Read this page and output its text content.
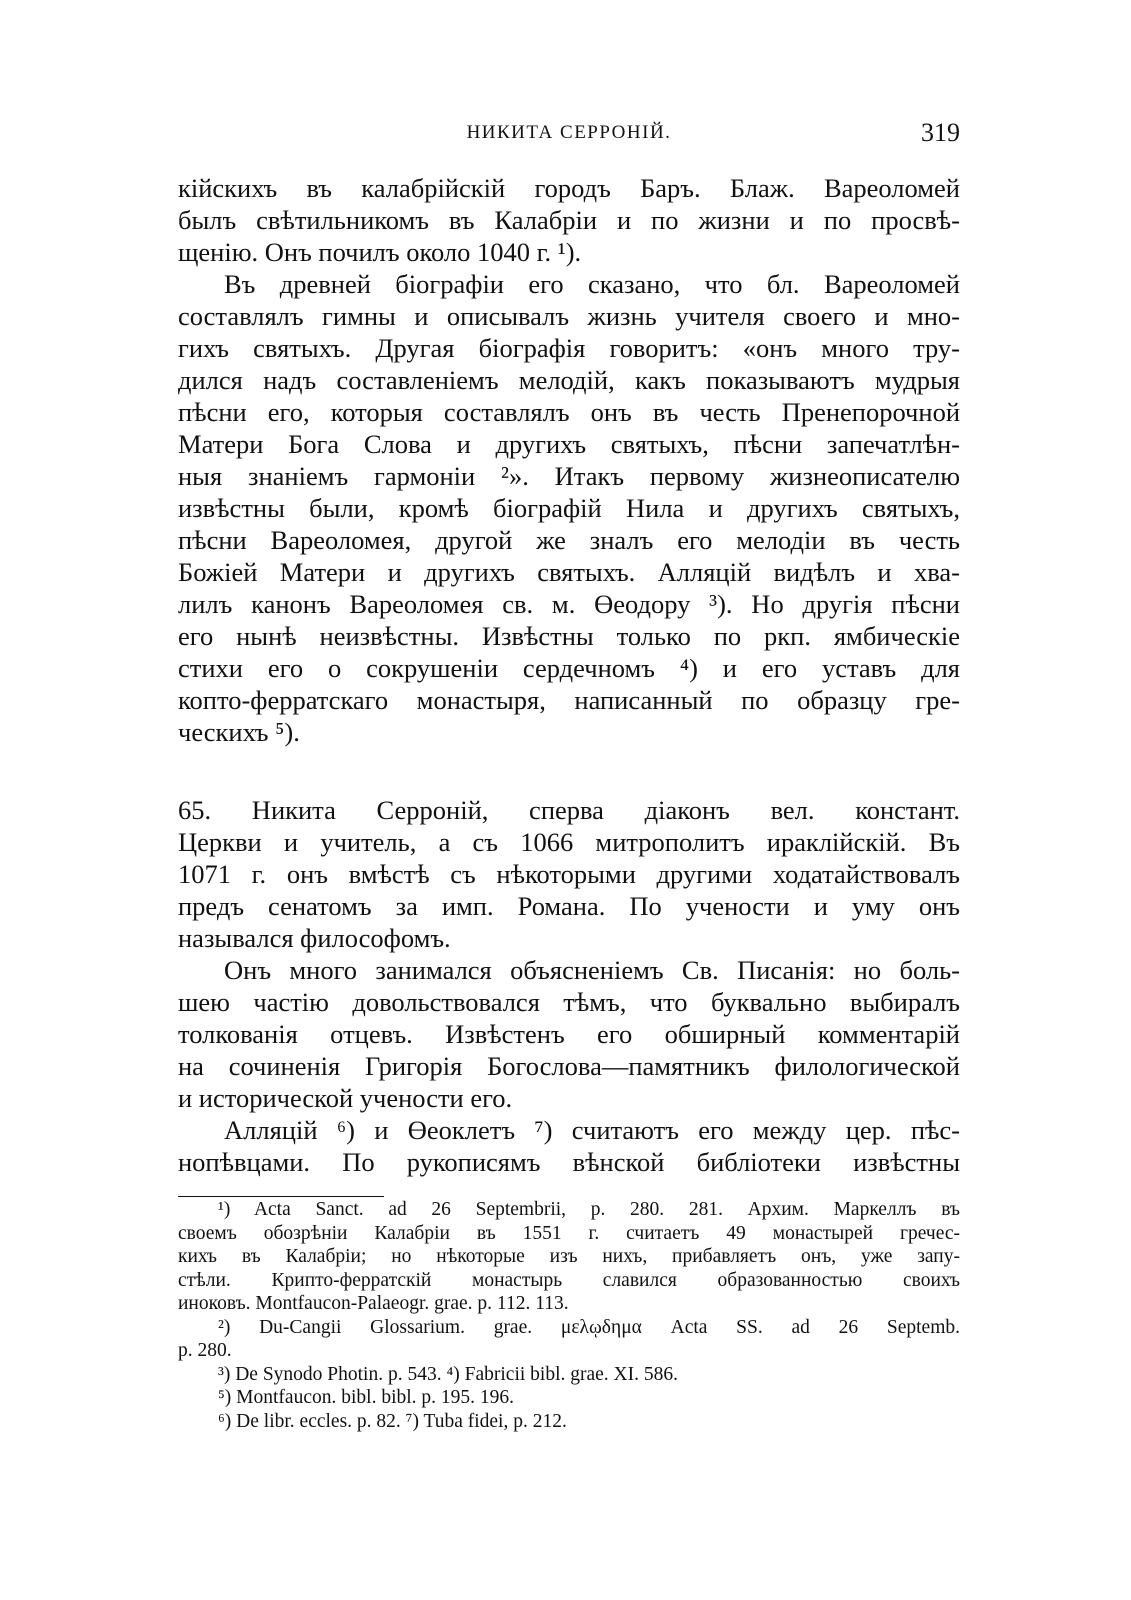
НИКИТА СЕРРОНІЙ.	319
кійскихъ въ калабрійскій городъ Баръ. Блаж. Вареоломей
былъ свѣтильникомъ въ Калабріи и по жизни и по просвѣ-
щенію. Онъ почилъ около 1040 г. ¹).
Въ древней біографіи его сказано, что бл. Вареоломей
составлялъ гимны и описывалъ жизнь учителя своего и мно-
гихъ святыхъ. Другая біографія говоритъ: «онъ много тру-
дился надъ составленіемъ мелодій, какъ показываютъ мудрыя
пѣсни его, которыя составлялъ онъ въ честь Пренепорочной
Матери Бога Слова и другихъ святыхъ, пѣсни запечатлѣн-
ныя знаніемъ гармоніи ²». Итакъ первому жизнеописателю
извѣстны были, кромѣ біографій Нила и другихъ святыхъ,
пѣсни Вареоломея, другой же зналъ его мелодіи въ честь
Божіей Матери и другихъ святыхъ. Алляцій видѣлъ и хва-
лилъ канонъ Вареоломея св. м. Өеодору ³). Но другія пѣсни
его нынѣ неизвѣстны. Извѣстны только по ркп. ямбическіе
стихи его о сокрушеніи сердечномъ ⁴) и его уставъ для
копто-ферратскаго монастыря, написанный по образцу гре-
ческихъ ⁵).
65. Никита Серроній, сперва діаконъ вел. констант.
Церкви и учитель, а съ 1066 митрополитъ ираклійскій. Въ
1071 г. онъ вмѣстѣ съ нѣкоторыми другими ходатайствовалъ
предъ сенатомъ за имп. Романа. По учености и уму онъ
назывался философомъ.
Онъ много занимался объясненіемъ Св. Писанія: но боль-
шею частію довольствовался тѣмъ, что буквально выбиралъ
толкованія отцевъ. Извѣстенъ его обширный комментарій
на сочиненія Григорія Богослова—памятникъ филологической
и исторической учености его.
Алляцій ⁶) и Өеоклетъ ⁷) считаютъ его между цер. пѣс-
нопѣвцами. По рукописямъ вѣнской библіотеки извѣстны
¹) Acta Sanct. ad 26 Septembrii, p. 280. 281. Архим. Маркеллъ въ
своемъ обозрѣніи Калабріи въ 1551 г. считаетъ 49 монастырей гречес-
кихъ въ Калабріи; но нѣкоторые изъ нихъ, прибавляетъ онъ, уже запу-
стѣли. Крипто-ферратскій монастырь славился образованностью своихъ
иноковъ. Montfaucon-Palaeogr. grae. p. 112. 113.
²) Du-Cangii Glossarium. grae. μελῳδημα Acta SS. ad 26 Septemb.
p. 280.
³) De Synodo Photin. p. 543. ⁴) Fabricii bibl. grae. XI. 586.
⁵) Montfaucon. bibl. bibl. p. 195. 196.
⁶) De libr. eccles. p. 82. ⁷) Tuba fidei, p. 212.
